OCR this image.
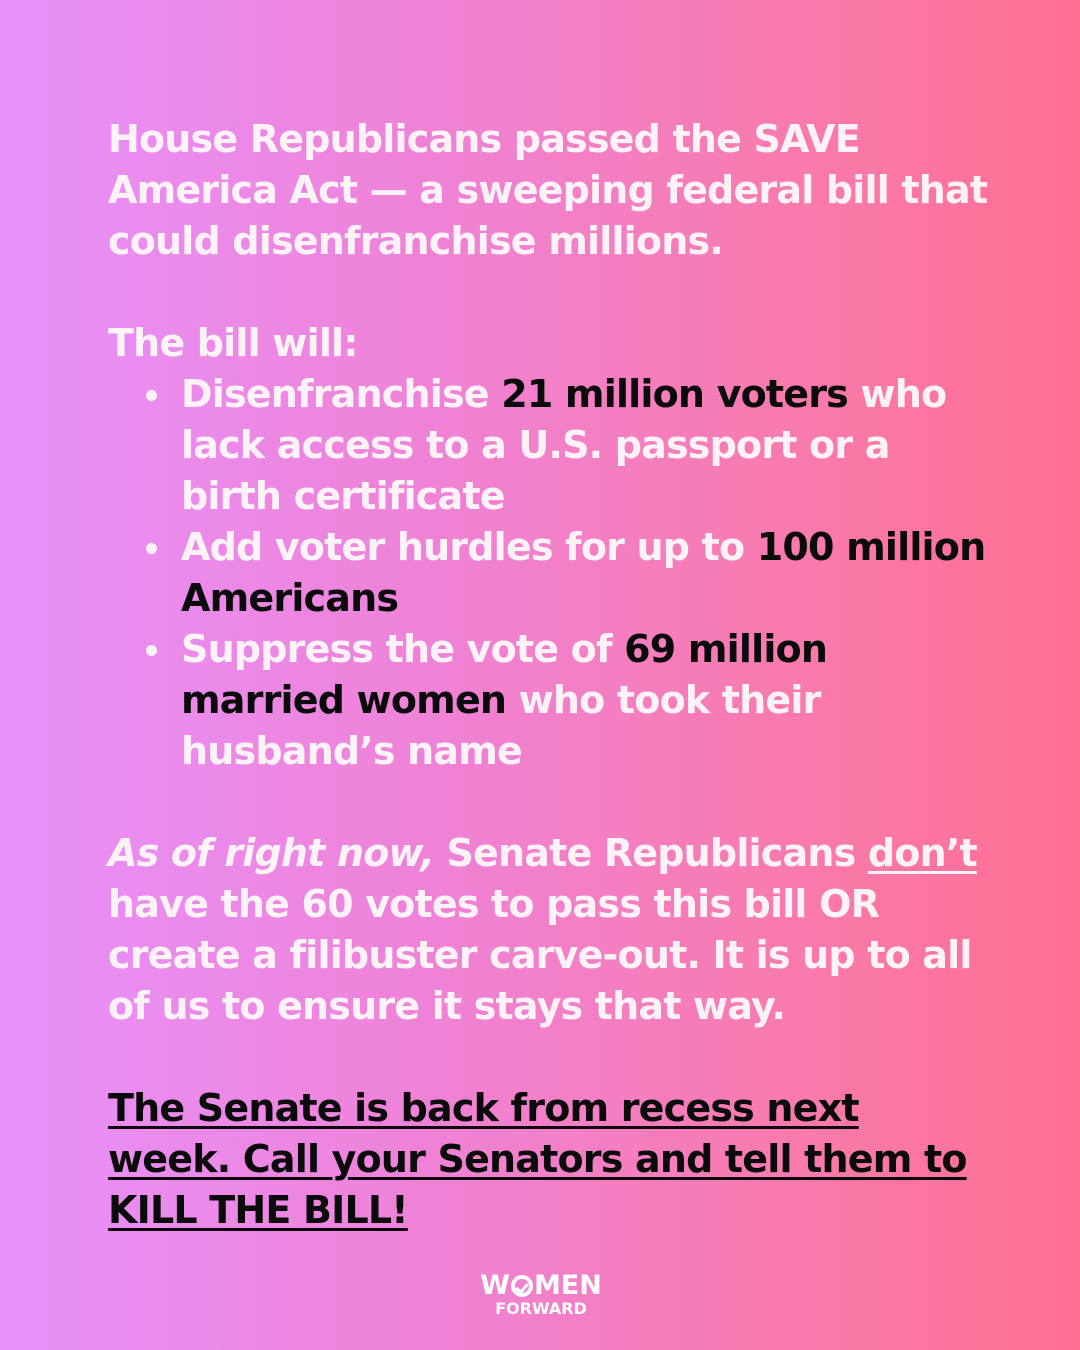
House Republicans passed the SAVE America Act — a sweeping federal bill that could disenfranchise millions.

The bill will:

Disenfranchise 21 million voters who lack access to a U.S. passport or a birth certificate
Add voter hurdles for up to 100 million Americans
Suppress the vote of 69 million married women who took their husband’s name

As of right now, Senate Republicans don’t have the 60 votes to pass this bill OR create a filibuster carve-out. It is up to all of us to ensure it stays that way.

The Senate is back from recess next week. Call your Senators and tell them to KILL THE BILL!

W MEN
FORWARD
